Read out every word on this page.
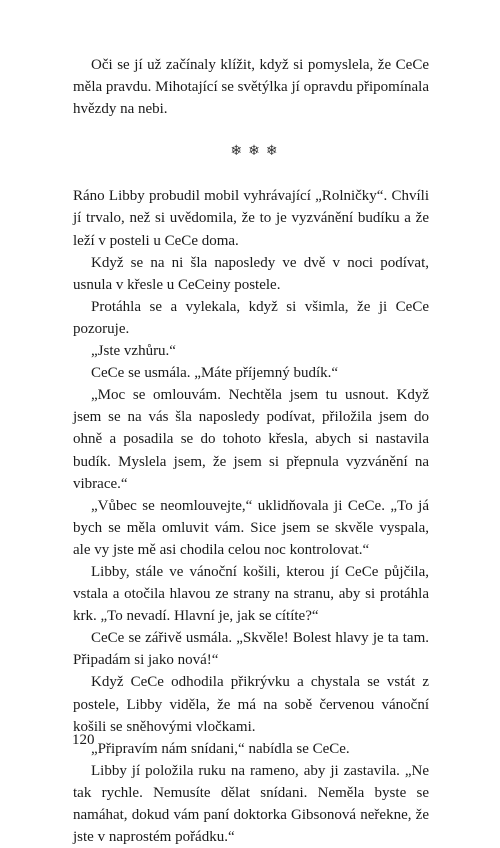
Oči se jí už začínaly klížit, když si pomyslela, že CeCe měla pravdu. Mihotající se světýlka jí opravdu připomínala hvězdy na nebi.

❄❄❄

Ráno Libby probudil mobil vyhrávající „Rolničky“. Chvíli jí trvalo, než si uvědomila, že to je vyzvánění budíku a že leží v posteli u CeCe doma.

Když se na ni šla naposledy ve dvě v noci podívat, usnula v křesle u CeCeiny postele.

Protáhla se a vylekala, když si všimla, že ji CeCe pozoruje.

„Jste vzhůru.“

CeCe se usmála. „Máte příjemný budík.“

„Moc se omlouvám. Nechtěla jsem tu usnout. Když jsem se na vás šla naposledy podívat, přiložila jsem do ohně a posadila se do tohoto křesla, abych si nastavila budík. Myslela jsem, že jsem si přepnula vyzvánění na vibrace.“

„Vůbec se neomlouvejte,“ uklidňovala ji CeCe. „To já bych se měla omluvit vám. Sice jsem se skvěle vyspala, ale vy jste mě asi chodila celou noc kontrolovat.“

Libby, stále ve vánoční košili, kterou jí CeCe půjčila, vstala a otočila hlavou ze strany na stranu, aby si protáhla krk. „To nevadí. Hlavní je, jak se cítíte?“

CeCe se zářivě usmála. „Skvěle! Bolest hlavy je ta tam. Připadám si jako nová!“

Když CeCe odhodila přikrývku a chystala se vstát z postele, Libby viděla, že má na sobě červenou vánoční košili se sněhovými vločkami.

„Připravím nám snídani,“ nabídla se CeCe.

Libby jí položila ruku na rameno, aby ji zastavila. „Ne tak rychle. Nemusíte dělat snídani. Neměla byste se namáhat, dokud vám paní doktorka Gibsonová neřekne, že jste v naprostém pořádku.“

120
